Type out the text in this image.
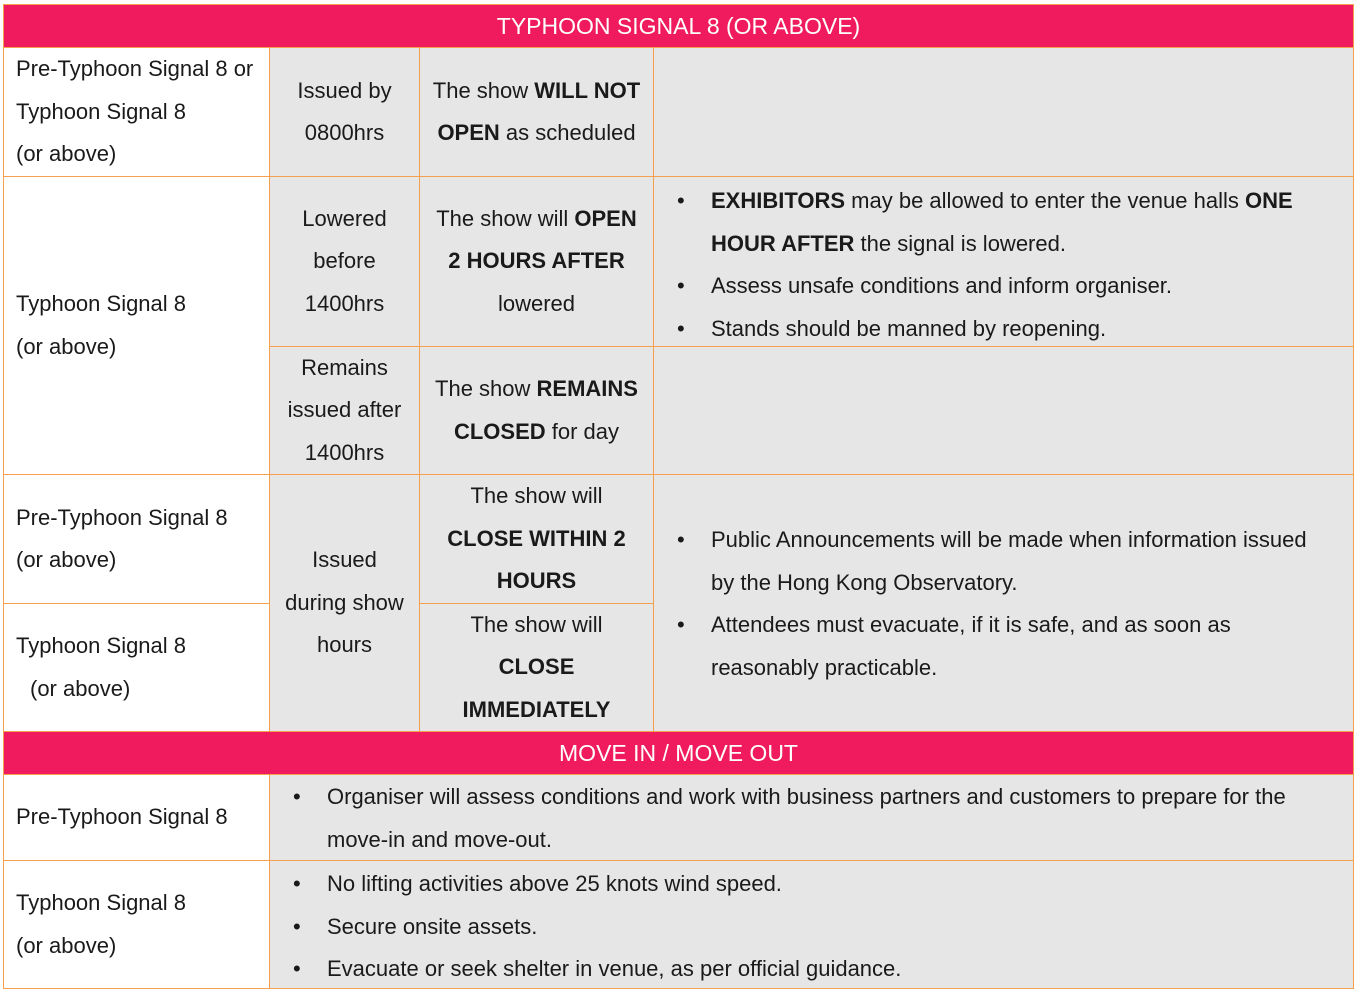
TYPHOON SIGNAL 8 (OR ABOVE)
Pre-Typhoon Signal 8 or
Typhoon Signal 8
(or above)
Issued by
0800hrs
The show WILL NOT
OPEN as scheduled
Typhoon Signal 8
(or above)
Lowered
before
1400hrs
The show will OPEN
2 HOURS AFTER
lowered
• EXHIBITORS may be allowed to enter the venue halls ONE
HOUR AFTER the signal is lowered.
• Assess unsafe conditions and inform organiser.
• Stands should be manned by reopening.
Remains
issued after
1400hrs
The show REMAINS
CLOSED for day
Pre-Typhoon Signal 8
(or above)
Typhoon Signal 8
(or above)
Issued
during show
hours
The show will
CLOSE WITHIN 2
HOURS
The show will
CLOSE
IMMEDIATELY
• Public Announcements will be made when information issued
by the Hong Kong Observatory.
• Attendees must evacuate, if it is safe, and as soon as
reasonably practicable.
MOVE IN / MOVE OUT
Pre-Typhoon Signal 8
• Organiser will assess conditions and work with business partners and customers to prepare for the
move-in and move-out.
Typhoon Signal 8
(or above)
• No lifting activities above 25 knots wind speed.
• Secure onsite assets.
• Evacuate or seek shelter in venue, as per official guidance.
